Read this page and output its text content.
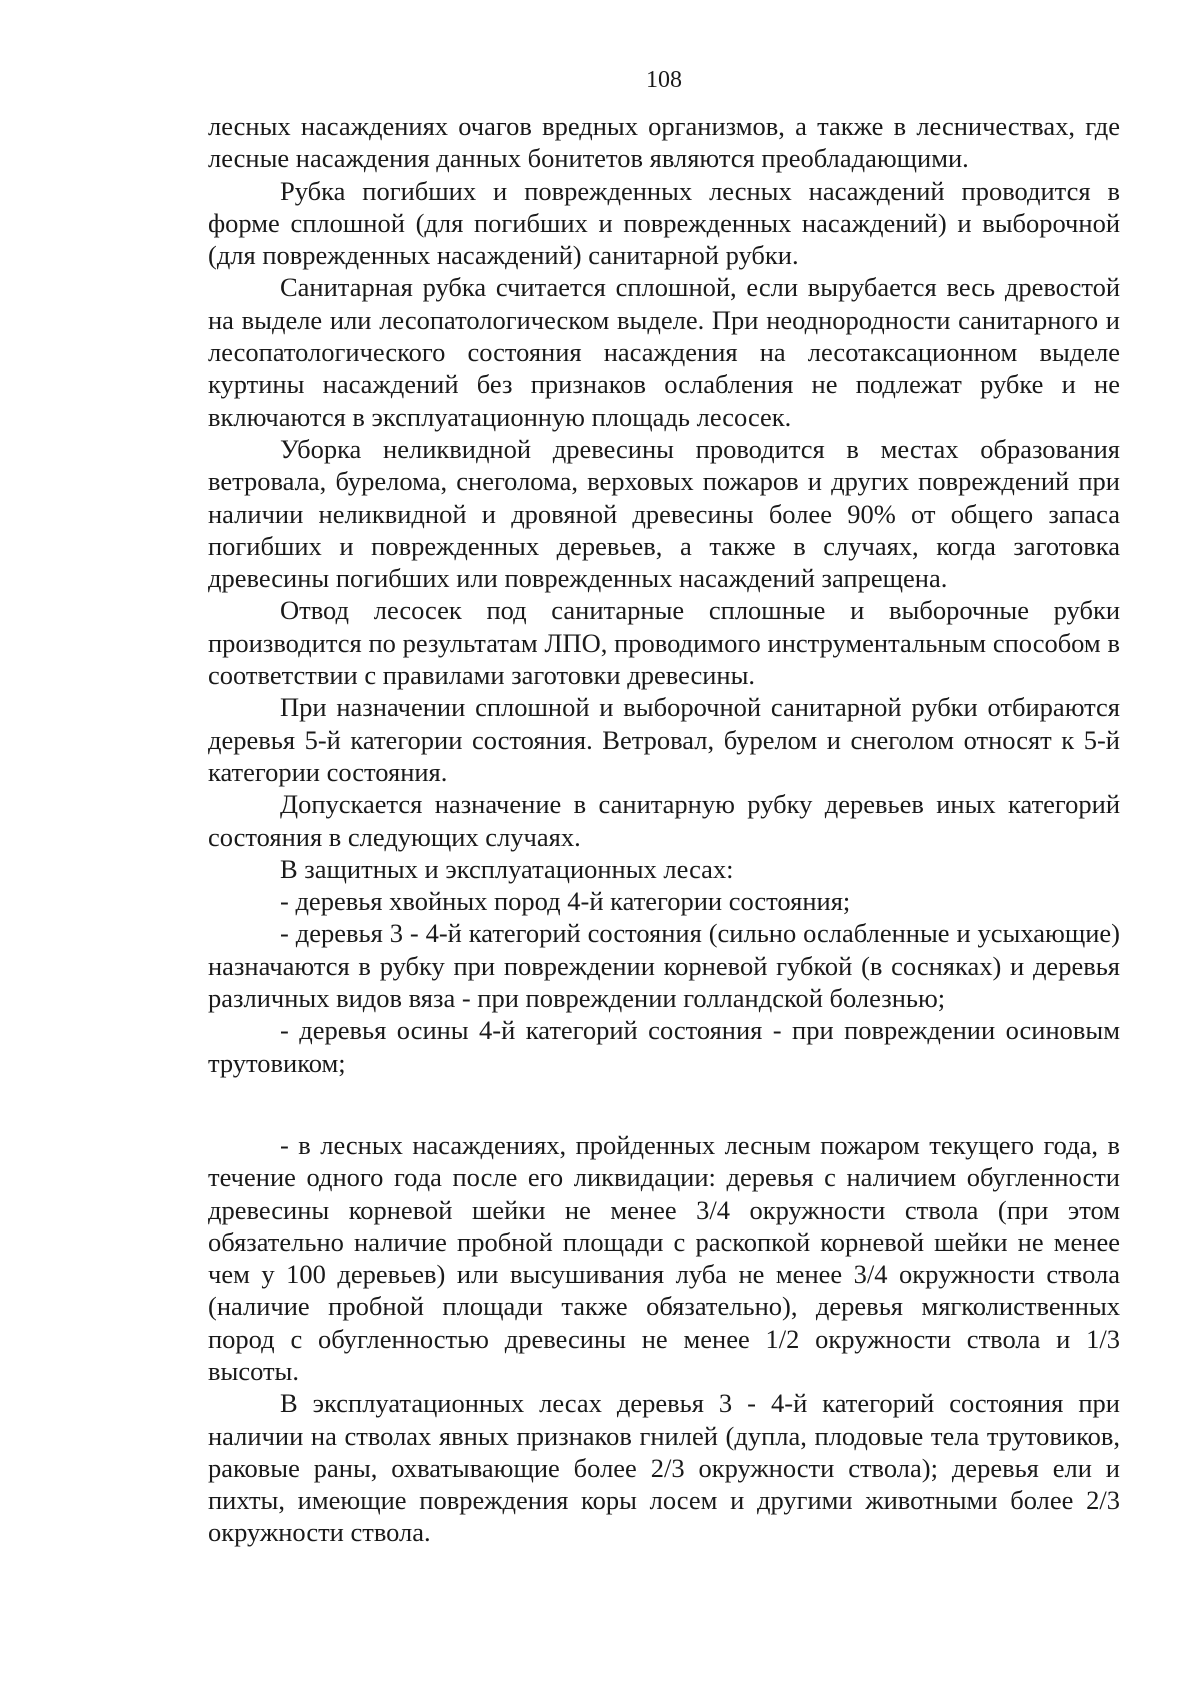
108

лесных насаждениях очагов вредных организмов, а также в лесничествах, где лесные насаждения данных бонитетов являются преобладающими.

Рубка погибших и поврежденных лесных насаждений проводится в форме сплошной (для погибших и поврежденных насаждений) и выборочной (для поврежденных насаждений) санитарной рубки.

Санитарная рубка считается сплошной, если вырубается весь древостой на выделе или лесопатологическом выделе. При неоднородности санитарного и лесопатологического состояния насаждения на лесотаксационном выделе куртины насаждений без признаков ослабления не подлежат рубке и не включаются в эксплуатационную площадь лесосек.

Уборка неликвидной древесины проводится в местах образования ветровала, бурелома, снеголома, верховых пожаров и других повреждений при наличии неликвидной и дровяной древесины более 90% от общего запаса погибших и поврежденных деревьев, а также в случаях, когда заготовка древесины погибших или поврежденных насаждений запрещена.

Отвод лесосек под санитарные сплошные и выборочные рубки производится по результатам ЛПО, проводимого инструментальным способом в соответствии с правилами заготовки древесины.

При назначении сплошной и выборочной санитарной рубки отбираются деревья 5-й категории состояния. Ветровал, бурелом и снеголом относят к 5-й категории состояния.

Допускается назначение в санитарную рубку деревьев иных категорий состояния в следующих случаях.

В защитных и эксплуатационных лесах:

- деревья хвойных пород 4-й категории состояния;

- деревья 3 - 4-й категорий состояния (сильно ослабленные и усыхающие) назначаются в рубку при повреждении корневой губкой (в сосняках) и деревья различных видов вяза - при повреждении голландской болезнью;

- деревья осины 4-й категорий состояния - при повреждении осиновым трутовиком;

- в лесных насаждениях, пройденных лесным пожаром текущего года, в течение одного года после его ликвидации: деревья с наличием обугленности древесины корневой шейки не менее 3/4 окружности ствола (при этом обязательно наличие пробной площади с раскопкой корневой шейки не менее чем у 100 деревьев) или высушивания луба не менее 3/4 окружности ствола (наличие пробной площади также обязательно), деревья мягколиственных пород с обугленностью древесины не менее 1/2 окружности ствола и 1/3 высоты.

В эксплуатационных лесах деревья 3 - 4-й категорий состояния при наличии на стволах явных признаков гнилей (дупла, плодовые тела трутовиков, раковые раны, охватывающие более 2/3 окружности ствола); деревья ели и пихты, имеющие повреждения коры лосем и другими животными более 2/3 окружности ствола.
